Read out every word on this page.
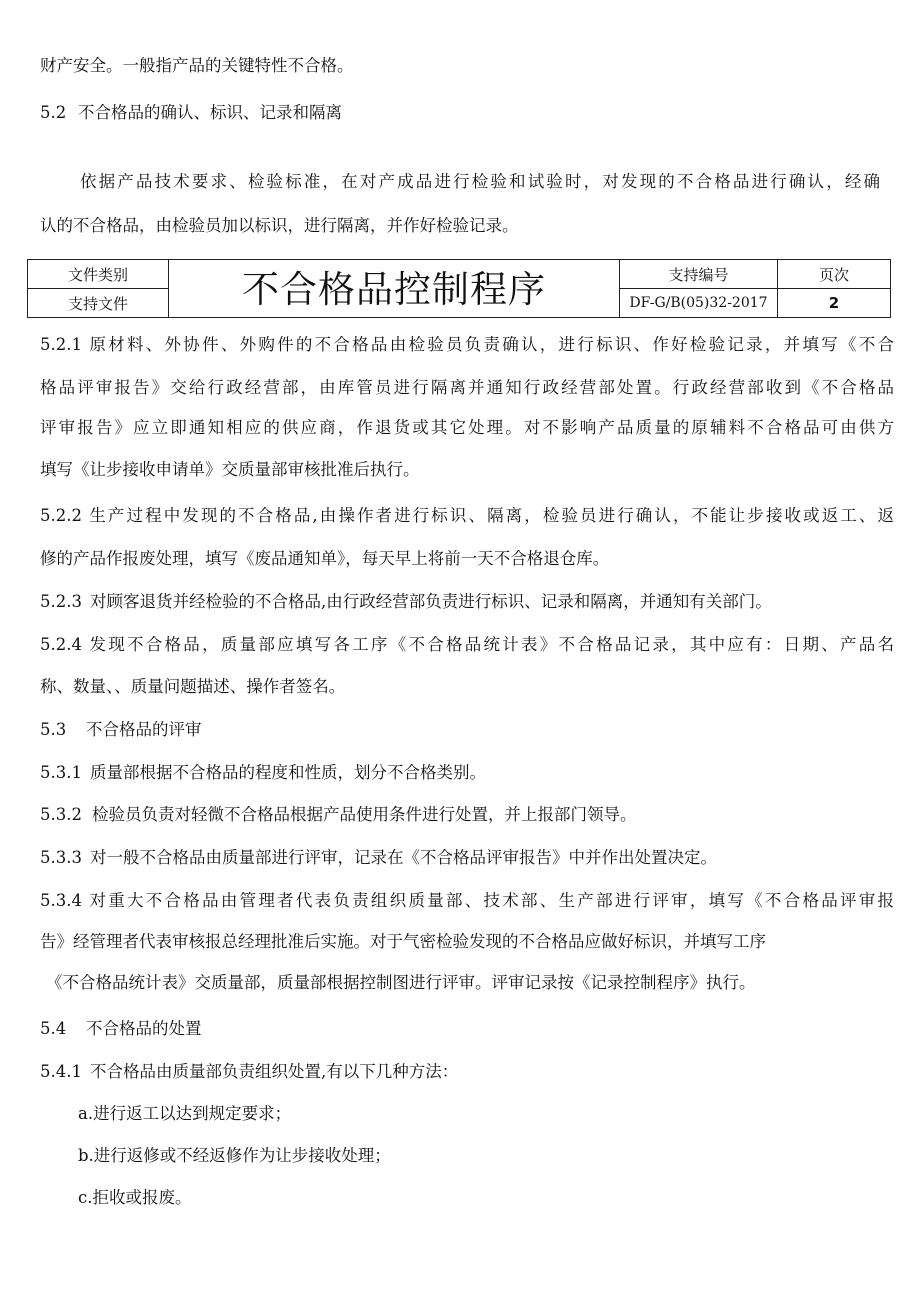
财产安全。一般指产品的关键特性不合格。
5.2 不合格品的确认、标识、记录和隔离
依据产品技术要求、检验标准，在对产成品进行检验和试验时，对发现的不合格品进行确认，经确
认的不合格品，由检验员加以标识，进行隔离，并作好检验记录。
文件类别	不合格品控制程序	支持编号	页次
支持文件		DF-G/B(05)32-2017	2
5.2.1 原材料、外协件、外购件的不合格品由检验员负责确认，进行标识、作好检验记录，并填写《不合
格品评审报告》交给行政经营部，由库管员进行隔离并通知行政经营部处置。行政经营部收到《不合格品
评审报告》应立即通知相应的供应商，作退货或其它处理。对不影响产品质量的原辅料不合格品可由供方
填写《让步接收申请单》交质量部审核批准后执行。
5.2.2 生产过程中发现的不合格品,由操作者进行标识、隔离，检验员进行确认，不能让步接收或返工、返
修的产品作报废处理，填写《废品通知单》，每天早上将前一天不合格退仓库。
5.2.3 对顾客退货并经检验的不合格品,由行政经营部负责进行标识、记录和隔离，并通知有关部门。
5.2.4 发现不合格品，质量部应填写各工序《不合格品统计表》不合格品记录，其中应有：日期、产品名
称、数量、、质量问题描述、操作者签名。
5.3 不合格品的评审
5.3.1 质量部根据不合格品的程度和性质，划分不合格类别。
5.3.2 检验员负责对轻微不合格品根据产品使用条件进行处置，并上报部门领导。
5.3.3 对一般不合格品由质量部进行评审，记录在《不合格品评审报告》中并作出处置决定。
5.3.4 对重大不合格品由管理者代表负责组织质量部、技术部、生产部进行评审，填写《不合格品评审报
告》经管理者代表审核报总经理批准后实施。对于气密检验发现的不合格品应做好标识，并填写工序
《不合格品统计表》交质量部，质量部根据控制图进行评审。评审记录按《记录控制程序》执行。
5.4 不合格品的处置
5.4.1 不合格品由质量部负责组织处置,有以下几种方法：
a.进行返工以达到规定要求；
b.进行返修或不经返修作为让步接收处理；
c.拒收或报废。
